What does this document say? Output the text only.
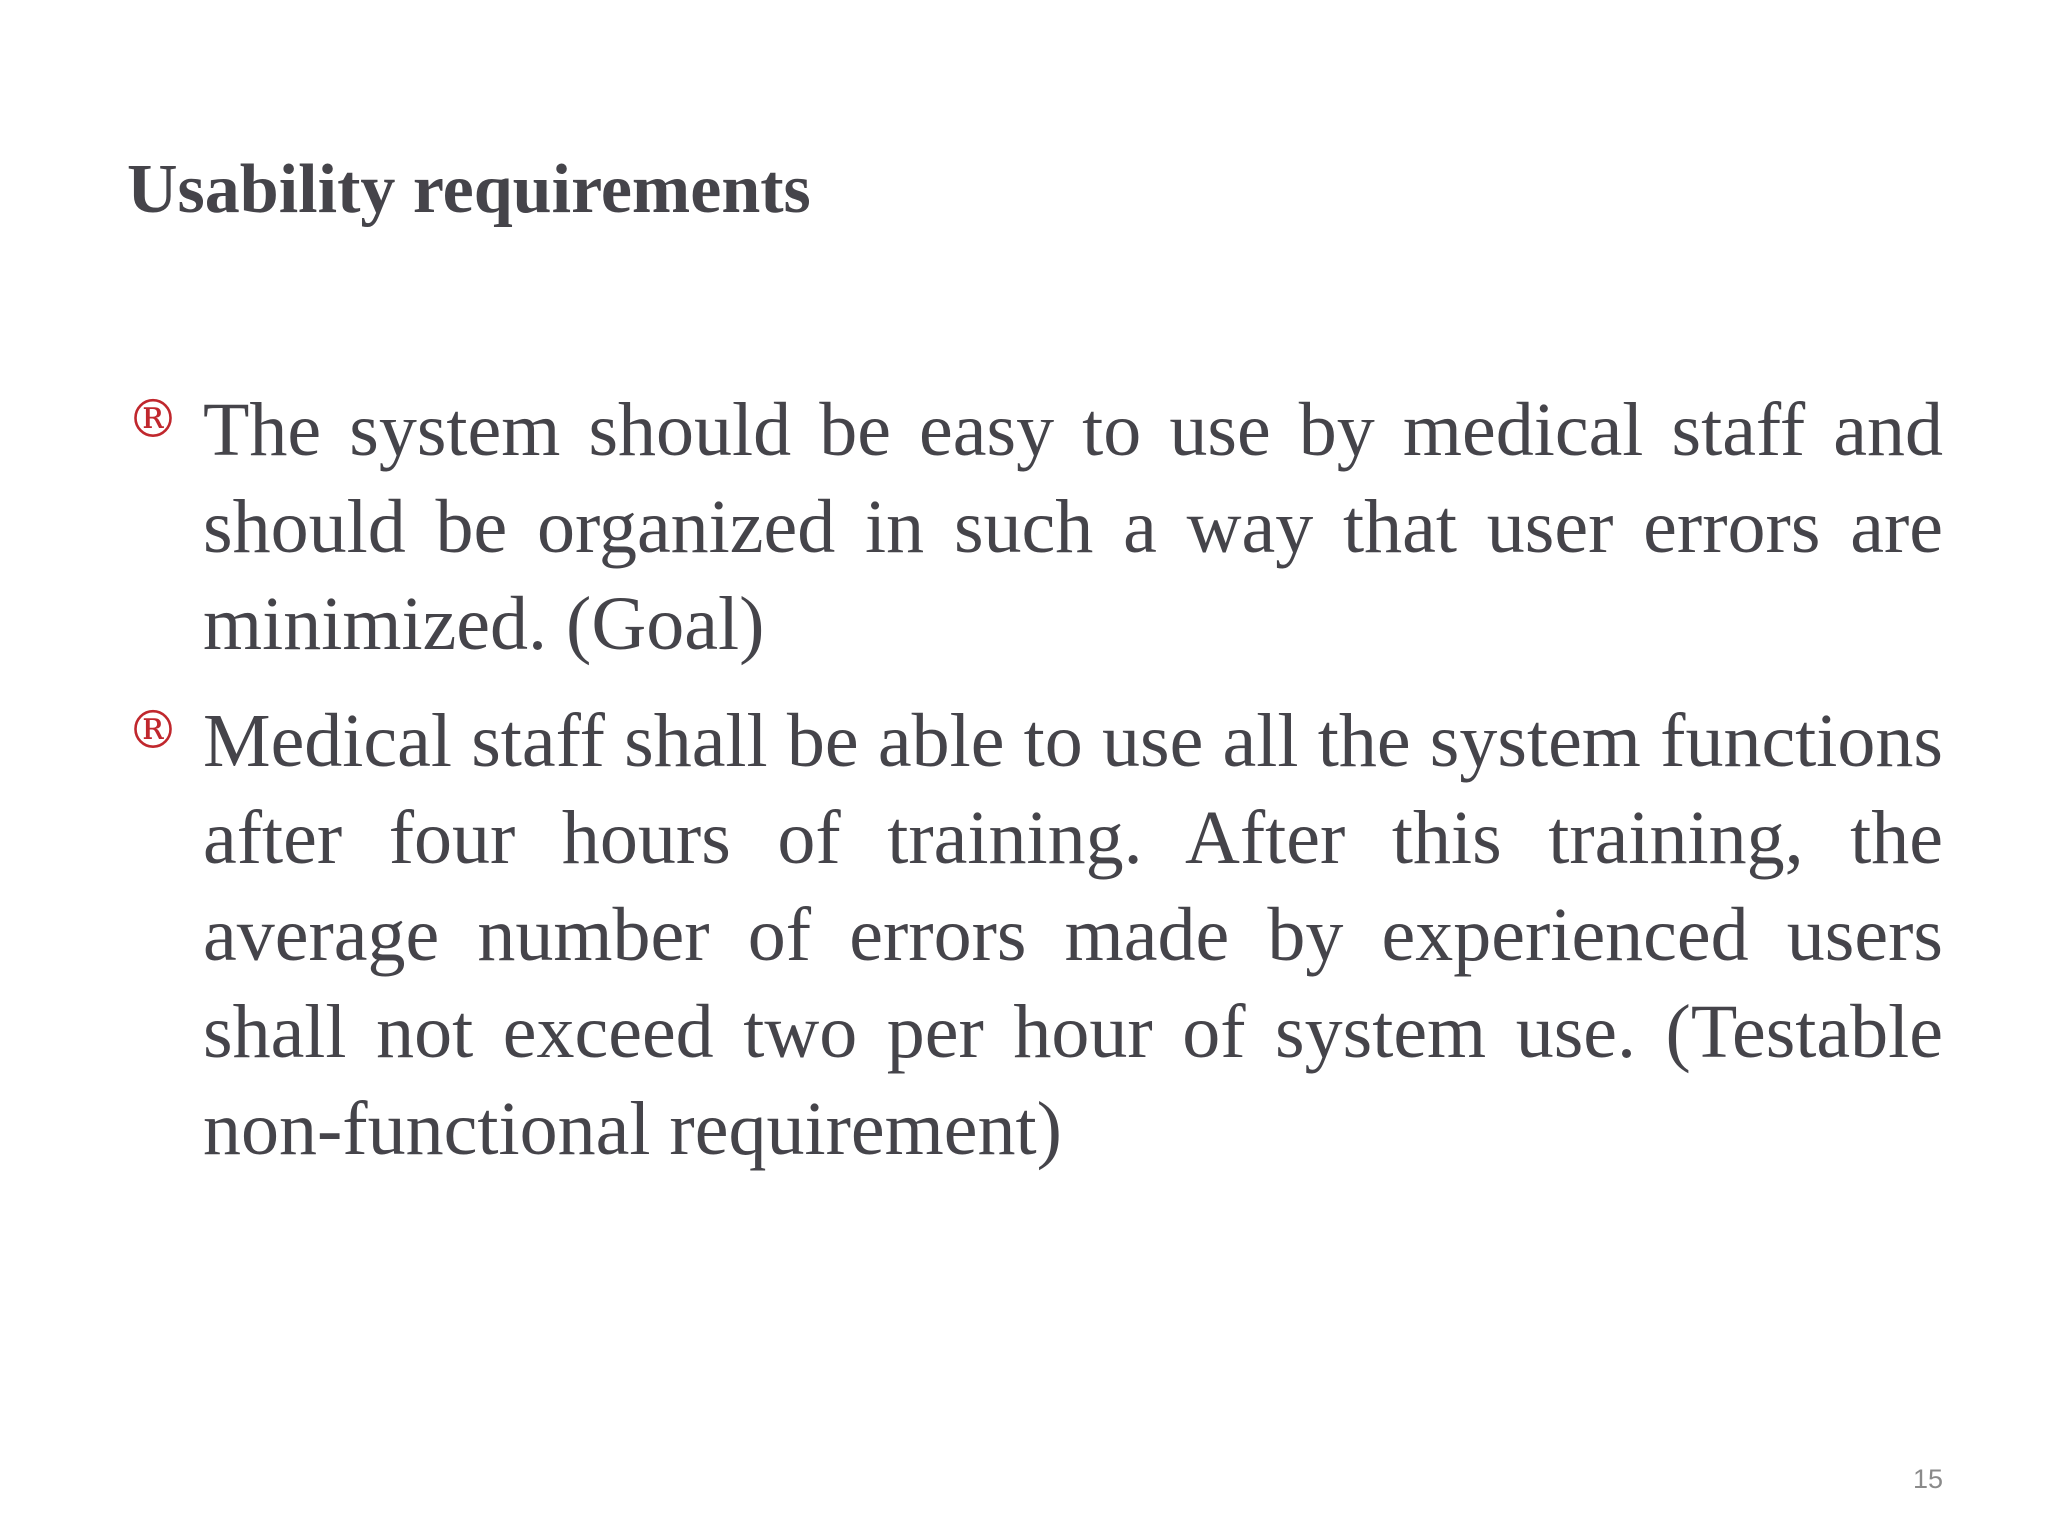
Usability requirements
® The system should be easy to use by medical staff and should be organized in such a way that user errors are minimized. (Goal)
® Medical staff shall be able to use all the system functions after four hours of training. After this training, the average number of errors made by experienced users shall not exceed two per hour of system use. (Testable non-functional requirement)
15
